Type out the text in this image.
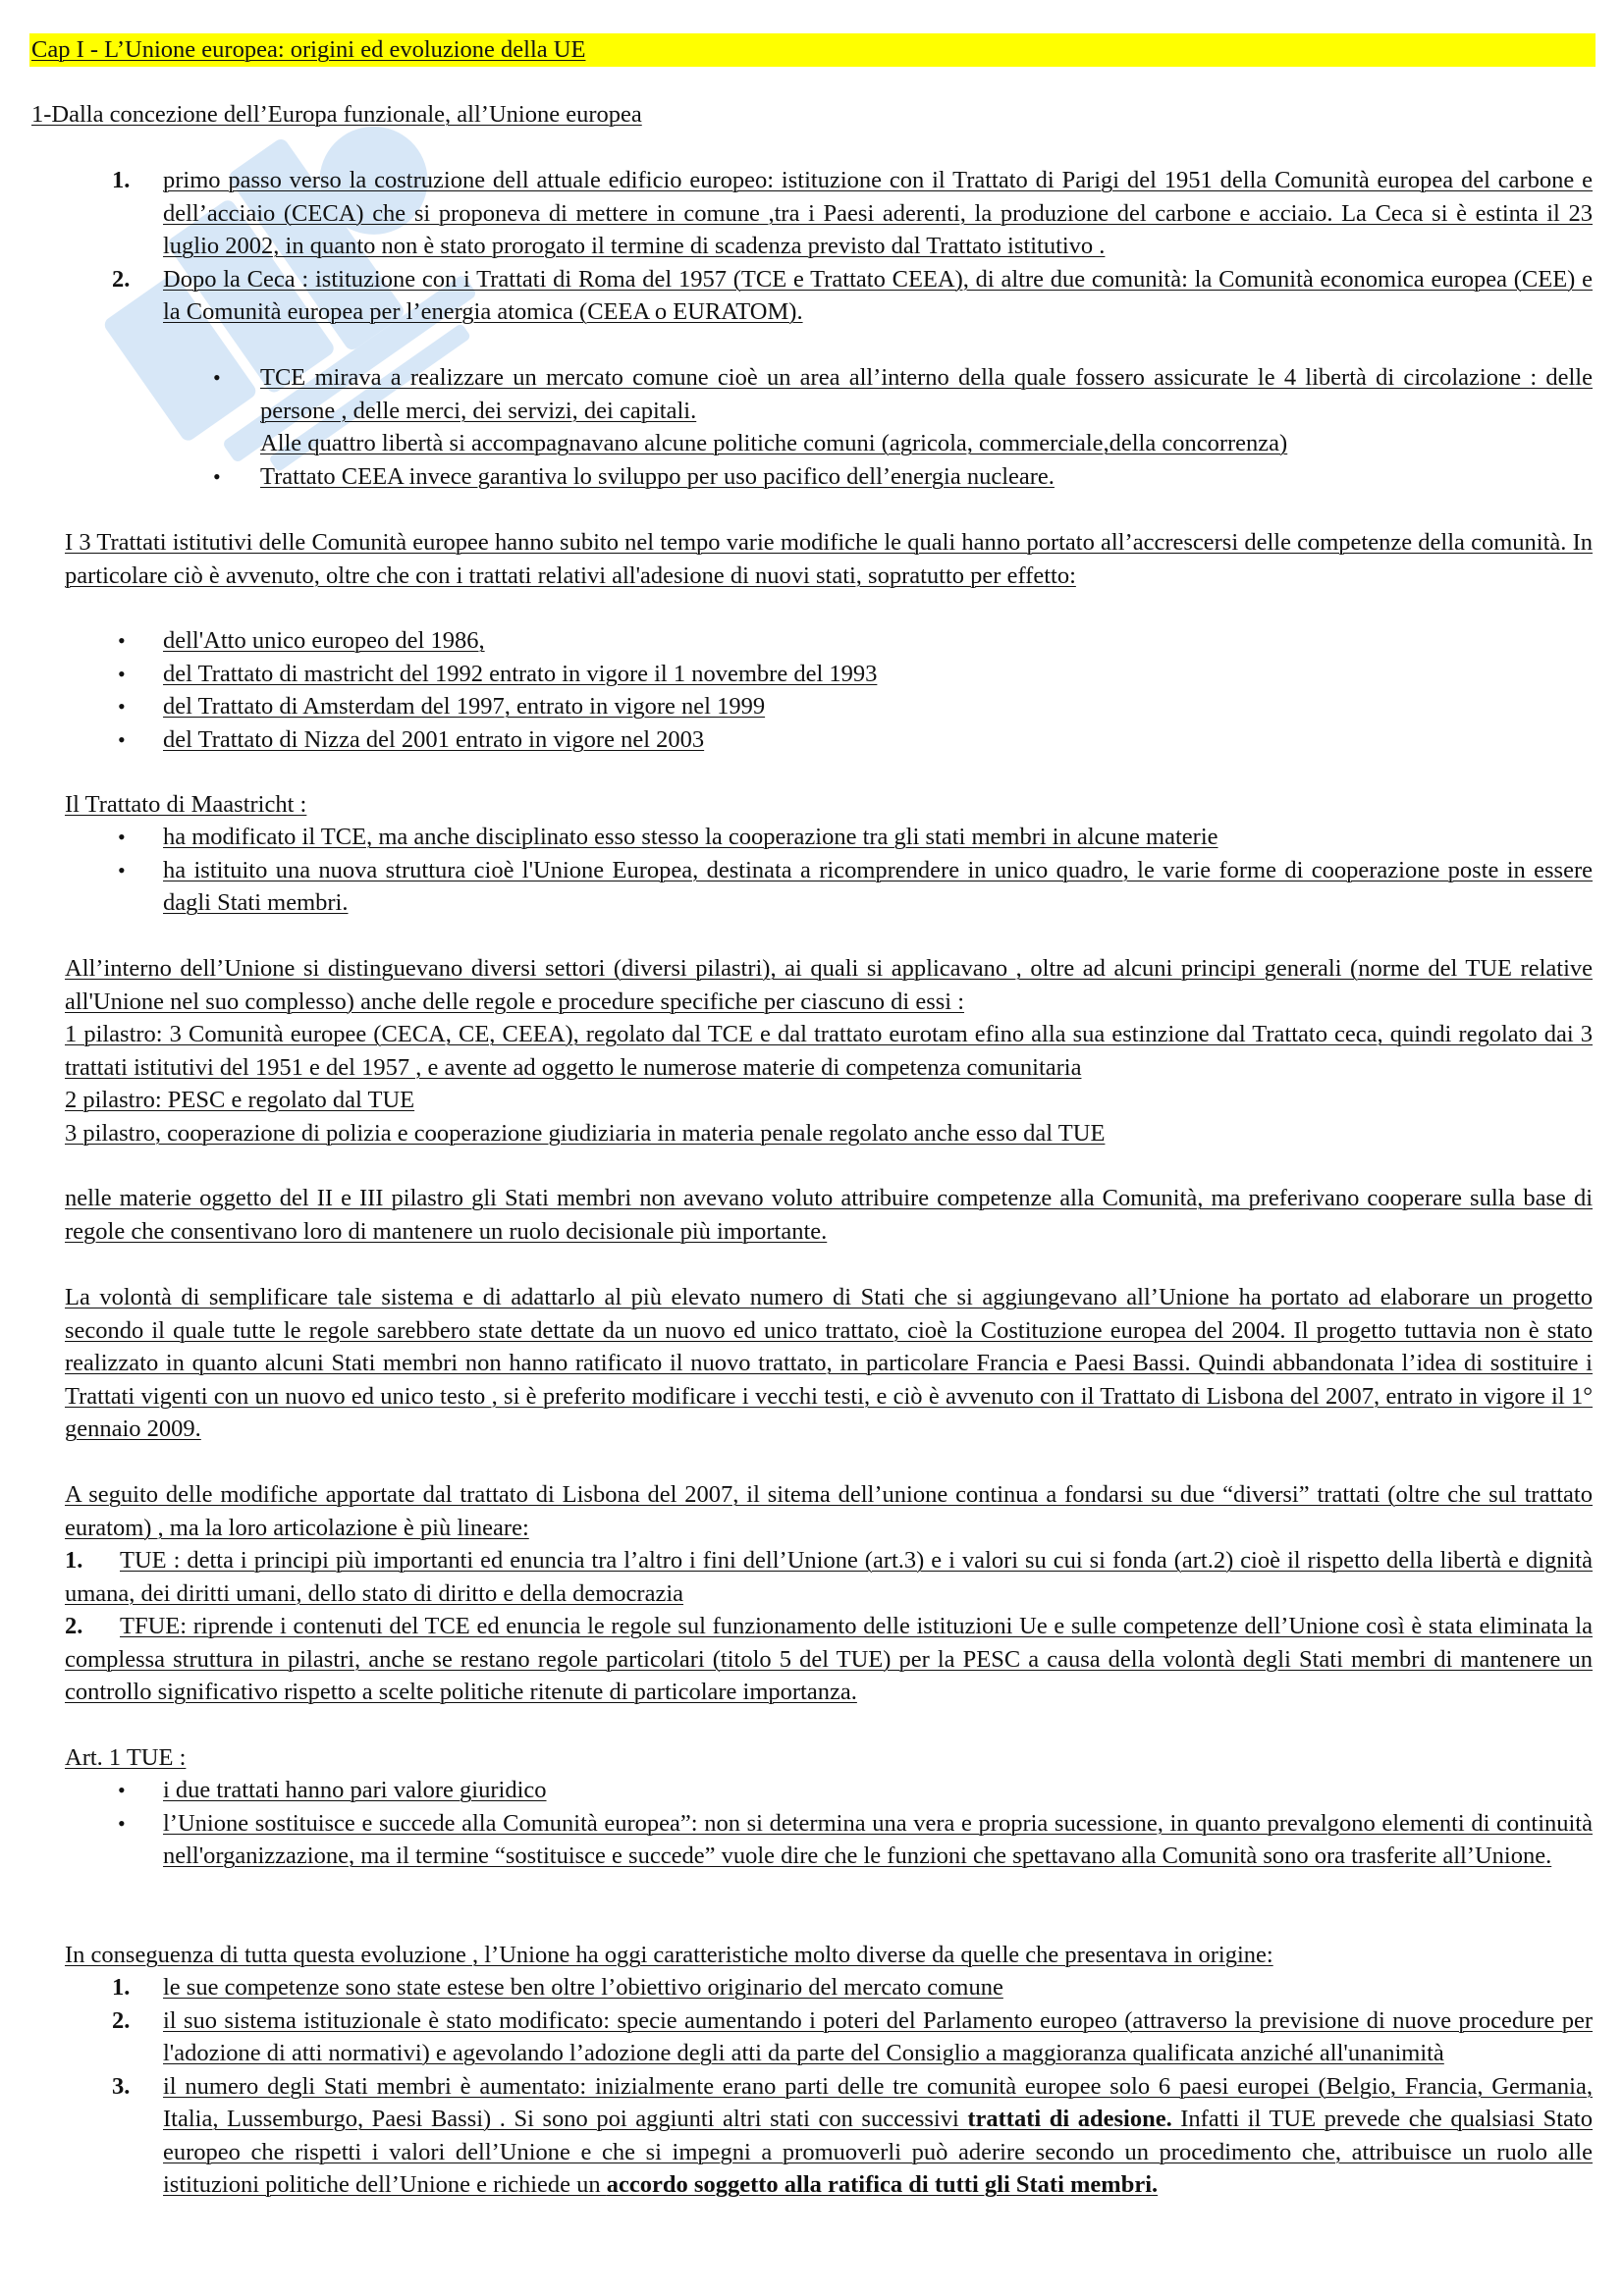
Cap I - L’Unione europea: origini ed evoluzione della UE
1-Dalla concezione dell’Europa funzionale, all’Unione europea
1. primo passo verso la costruzione dell attuale edificio europeo: istituzione con il Trattato di Parigi del 1951 della Comunità europea del carbone e dell’acciaio (CECA) che si proponeva di mettere in comune ,tra i Paesi aderenti, la produzione del carbone e acciaio. La Ceca si è estinta il 23 luglio 2002, in quanto non è stato prorogato il termine di scadenza previsto dal Trattato istitutivo .
2. Dopo la Ceca : istituzione con i Trattati di Roma del 1957 (TCE e Trattato CEEA), di altre due comunità: la Comunità economica europea (CEE) e la Comunità europea per l’energia atomica (CEEA o EURATOM).
• TCE mirava a realizzare un mercato comune cioè un area all’interno della quale fossero assicurate le 4 libertà di circolazione : delle persone , delle merci, dei servizi, dei capitali.
Alle quattro libertà si accompagnavano alcune politiche comuni (agricola, commerciale,della concorrenza)
• Trattato CEEA invece garantiva lo sviluppo per uso pacifico dell’energia nucleare.
I 3 Trattati istitutivi delle Comunità europee hanno subito nel tempo varie modifiche le quali hanno portato all’accrescersi delle competenze della comunità. In particolare ciò è avvenuto, oltre che con i trattati relativi all'adesione di nuovi stati, sopratutto per effetto:
• dell'Atto unico europeo del 1986,
• del Trattato di mastricht del 1992 entrato in vigore il 1 novembre del 1993
• del Trattato di Amsterdam del 1997, entrato in vigore nel 1999
• del Trattato di Nizza del 2001 entrato in vigore nel 2003
Il Trattato di Maastricht :
• ha modificato il TCE, ma anche disciplinato esso stesso la cooperazione tra gli stati membri in alcune materie
• ha istituito una nuova struttura cioè l'Unione Europea, destinata a ricomprendere in unico quadro, le varie forme di cooperazione poste in essere dagli Stati membri.
All’interno dell’Unione si distinguevano diversi settori (diversi pilastri), ai quali si applicavano , oltre ad alcuni principi generali (norme del TUE relative all'Unione nel suo complesso) anche delle regole e procedure specifiche per ciascuno di essi :
1 pilastro: 3 Comunità europee (CECA, CE, CEEA), regolato dal TCE e dal trattato eurotam efino alla sua estinzione dal Trattato ceca, quindi regolato dai 3 trattati istitutivi del 1951 e del 1957 , e avente ad oggetto le numerose materie di competenza comunitaria
2 pilastro: PESC e regolato dal TUE
3 pilastro, cooperazione di polizia e cooperazione giudiziaria in materia penale regolato anche esso dal TUE
nelle materie oggetto del II e III pilastro gli Stati membri non avevano voluto attribuire competenze alla Comunità, ma preferivano cooperare sulla base di regole che consentivano loro di mantenere un ruolo decisionale più importante.
La volontà di semplificare tale sistema e di adattarlo al più elevato numero di Stati che si aggiungevano all’Unione ha portato ad elaborare un progetto secondo il quale tutte le regole sarebbero state dettate da un nuovo ed unico trattato, cioè la Costituzione europea del 2004. Il progetto tuttavia non è stato realizzato in quanto alcuni Stati membri non hanno ratificato il nuovo trattato, in particolare Francia e Paesi Bassi. Quindi abbandonata l’idea di sostituire i Trattati vigenti con un nuovo ed unico testo , si è preferito modificare i vecchi testi, e ciò è avvenuto con il Trattato di Lisbona del 2007, entrato in vigore il 1° gennaio 2009.
A seguito delle modifiche apportate dal trattato di Lisbona del 2007, il sitema dell’unione continua a fondarsi su due “diversi” trattati (oltre che sul trattato euratom) , ma la loro articolazione è più lineare:
1. TUE : detta i principi più importanti ed enuncia tra l’altro i fini dell’Unione (art.3) e i valori su cui si fonda (art.2) cioè il rispetto della libertà e dignità umana, dei diritti umani, dello stato di diritto e della democrazia
2. TFUE: riprende i contenuti del TCE ed enuncia le regole sul funzionamento delle istituzioni Ue e sulle competenze dell’Unione così è stata eliminata la complessa struttura in pilastri, anche se restano regole particolari (titolo 5 del TUE) per la PESC a causa della volontà degli Stati membri di mantenere un controllo significativo rispetto a scelte politiche ritenute di particolare importanza.
Art. 1 TUE :
• i due trattati hanno pari valore giuridico
• l’Unione sostituisce e succede alla Comunità europea”: non si determina una vera e propria sucessione, in quanto prevalgono elementi di continuità nell'organizzazione, ma il termine “sostituisce e succede” vuole dire che le funzioni che spettavano alla Comunità sono ora trasferite all’Unione.
In conseguenza di tutta questa evoluzione , l’Unione ha oggi caratteristiche molto diverse da quelle che presentava in origine:
1. le sue competenze sono state estese ben oltre l’obiettivo originario del mercato comune
2. il suo sistema istituzionale è stato modificato: specie aumentando i poteri del Parlamento europeo (attraverso la previsione di nuove procedure per l'adozione di atti normativi) e agevolando l’adozione degli atti da parte del Consiglio a maggioranza qualificata anziché all'unanimità
3. il numero degli Stati membri è aumentato: inizialmente erano parti delle tre comunità europee solo 6 paesi europei (Belgio, Francia, Germania, Italia, Lussemburgo, Paesi Bassi) . Si sono poi aggiunti altri stati con successivi trattati di adesione. Infatti il TUE prevede che qualsiasi Stato europeo che rispetti i valori dell’Unione e che si impegni a promuoverli può aderire secondo un procedimento che, attribuisce un ruolo alle istituzioni politiche dell’Unione e richiede un accordo soggetto alla ratifica di tutti gli Stati membri.
